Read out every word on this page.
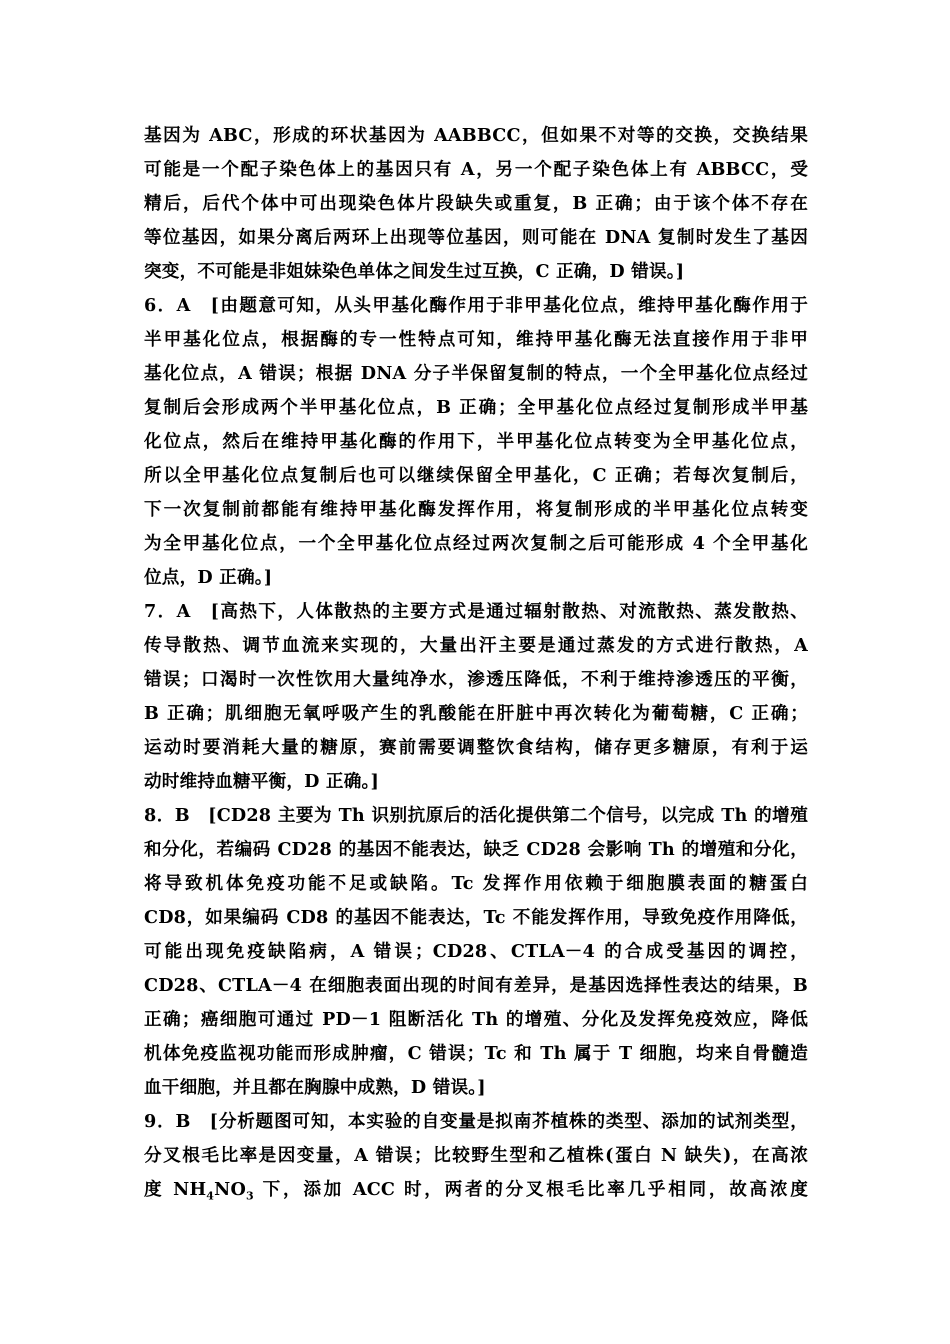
基因为 ABC，形成的环状基因为 AABBCC，但如果不对等的交换，交换结果
可能是一个配子染色体上的基因只有 A，另一个配子染色体上有 ABBCC，受
精后，后代个体中可出现染色体片段缺失或重复，B 正确；由于该个体不存在
等位基因，如果分离后两环上出现等位基因，则可能在 DNA 复制时发生了基因
突变，不可能是非姐妹染色单体之间发生过互换，C 正确，D 错误。]
6．A　[由题意可知，从头甲基化酶作用于非甲基化位点，维持甲基化酶作用于
半甲基化位点，根据酶的专一性特点可知，维持甲基化酶无法直接作用于非甲
基化位点，A 错误；根据 DNA 分子半保留复制的特点，一个全甲基化位点经过
复制后会形成两个半甲基化位点，B 正确；全甲基化位点经过复制形成半甲基
化位点，然后在维持甲基化酶的作用下，半甲基化位点转变为全甲基化位点，
所以全甲基化位点复制后也可以继续保留全甲基化，C 正确；若每次复制后，
下一次复制前都能有维持甲基化酶发挥作用，将复制形成的半甲基化位点转变
为全甲基化位点，一个全甲基化位点经过两次复制之后可能形成 4 个全甲基化
位点，D 正确。]
7．A　[高热下，人体散热的主要方式是通过辐射散热、对流散热、蒸发散热、
传导散热、调节血流来实现的，大量出汗主要是通过蒸发的方式进行散热，A
错误；口渴时一次性饮用大量纯净水，渗透压降低，不利于维持渗透压的平衡，
B 正确；肌细胞无氧呼吸产生的乳酸能在肝脏中再次转化为葡萄糖，C 正确；
运动时要消耗大量的糖原，赛前需要调整饮食结构，储存更多糖原，有利于运
动时维持血糖平衡，D 正确。]
8．B　[CD28 主要为 Th 识别抗原后的活化提供第二个信号，以完成 Th 的增殖
和分化，若编码 CD28 的基因不能表达，缺乏 CD28 会影响 Th 的增殖和分化，
将导致机体免疫功能不足或缺陷。Tc 发挥作用依赖于细胞膜表面的糖蛋白
CD8，如果编码 CD8 的基因不能表达，Tc 不能发挥作用，导致免疫作用降低，
可能出现免疫缺陷病，A 错误；CD28、CTLA－4 的合成受基因的调控，
CD28、CTLA－4 在细胞表面出现的时间有差异，是基因选择性表达的结果，B
正确；癌细胞可通过 PD－1 阻断活化 Th 的增殖、分化及发挥免疫效应，降低
机体免疫监视功能而形成肿瘤，C 错误；Tc 和 Th 属于 T 细胞，均来自骨髓造
血干细胞，并且都在胸腺中成熟，D 错误。]
9．B　[分析题图可知，本实验的自变量是拟南芥植株的类型、添加的试剂类型，
分叉根毛比率是因变量，A 错误；比较野生型和乙植株(蛋白 N 缺失)，在高浓
度 $NH_4NO_3$ 下，添加 ACC 时，两者的分叉根毛比率几乎相同，故高浓度
